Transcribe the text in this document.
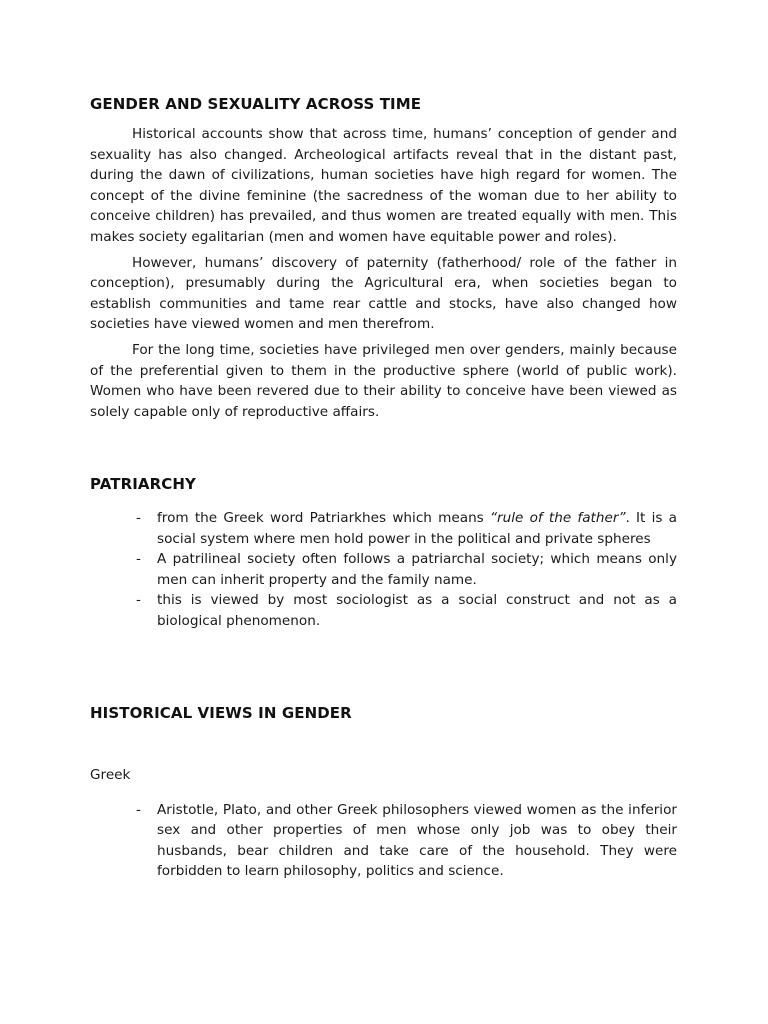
GENDER AND SEXUALITY ACROSS TIME

Historical accounts show that across time, humans’ conception of gender and sexuality has also changed. Archeological artifacts reveal that in the distant past, during the dawn of civilizations, human societies have high regard for women. The concept of the divine feminine (the sacredness of the woman due to her ability to conceive children) has prevailed, and thus women are treated equally with men. This makes society egalitarian (men and women have equitable power and roles).

However, humans’ discovery of paternity (fatherhood/ role of the father in conception), presumably during the Agricultural era, when societies began to establish communities and tame rear cattle and stocks, have also changed how societies have viewed women and men therefrom.

For the long time, societies have privileged men over genders, mainly because of the preferential given to them in the productive sphere (world of public work). Women who have been revered due to their ability to conceive have been viewed as solely capable only of reproductive affairs.

PATRIARCHY
- from the Greek word Patriarkhes which means “rule of the father”. It is a social system where men hold power in the political and private spheres
- A patrilineal society often follows a patriarchal society; which means only men can inherit property and the family name.
- this is viewed by most sociologist as a social construct and not as a biological phenomenon.
HISTORICAL VIEWS IN GENDER
Greek
- Aristotle, Plato, and other Greek philosophers viewed women as the inferior sex and other properties of men whose only job was to obey their husbands, bear children and take care of the household. They were forbidden to learn philosophy, politics and science.
